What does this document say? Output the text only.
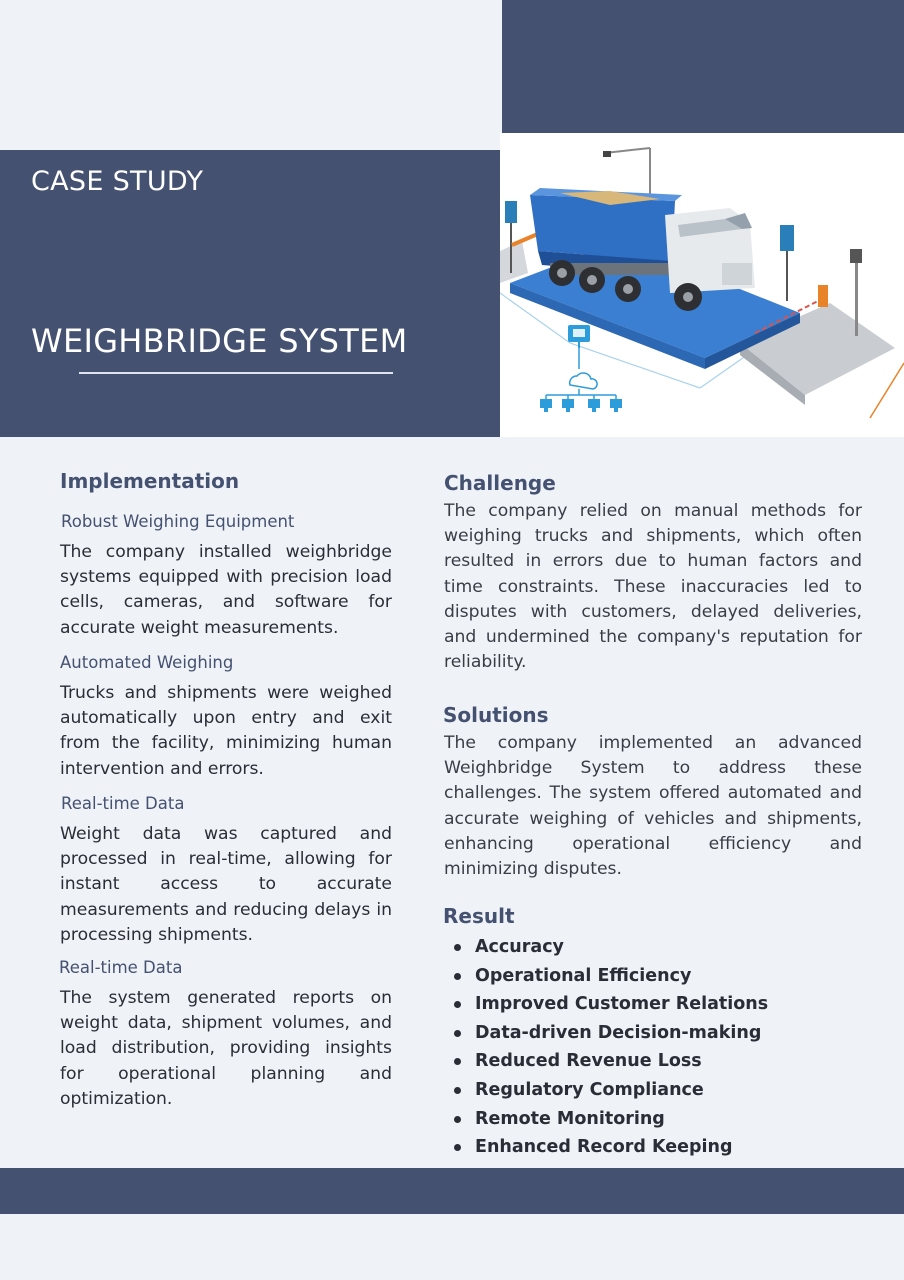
CASE STUDY
WEIGHBRIDGE SYSTEM
Implementation
Robust Weighing Equipment

The company installed weighbridge systems equipped with precision load cells, cameras, and software for accurate weight measurements.

Automated Weighing

Trucks and shipments were weighed automatically upon entry and exit from the facility, minimizing human intervention and errors.

Real-time Data

Weight data was captured and processed in real-time, allowing for instant access to accurate measurements and reducing delays in processing shipments.

Real-time Data

The system generated reports on weight data, shipment volumes, and load distribution, providing insights for operational planning and optimization.

Challenge

The company relied on manual methods for weighing trucks and shipments, which often resulted in errors due to human factors and time constraints. These inaccuracies led to disputes with customers, delayed deliveries, and undermined the company's reputation for reliability.

Solutions

The company implemented an advanced Weighbridge System to address these challenges. The system offered automated and accurate weighing of vehicles and shipments, enhancing operational efficiency and minimizing disputes.

Result
Accuracy
Operational Efficiency
Improved Customer Relations
Data-driven Decision-making
Reduced Revenue Loss
Regulatory Compliance
Remote Monitoring
Enhanced Record Keeping
